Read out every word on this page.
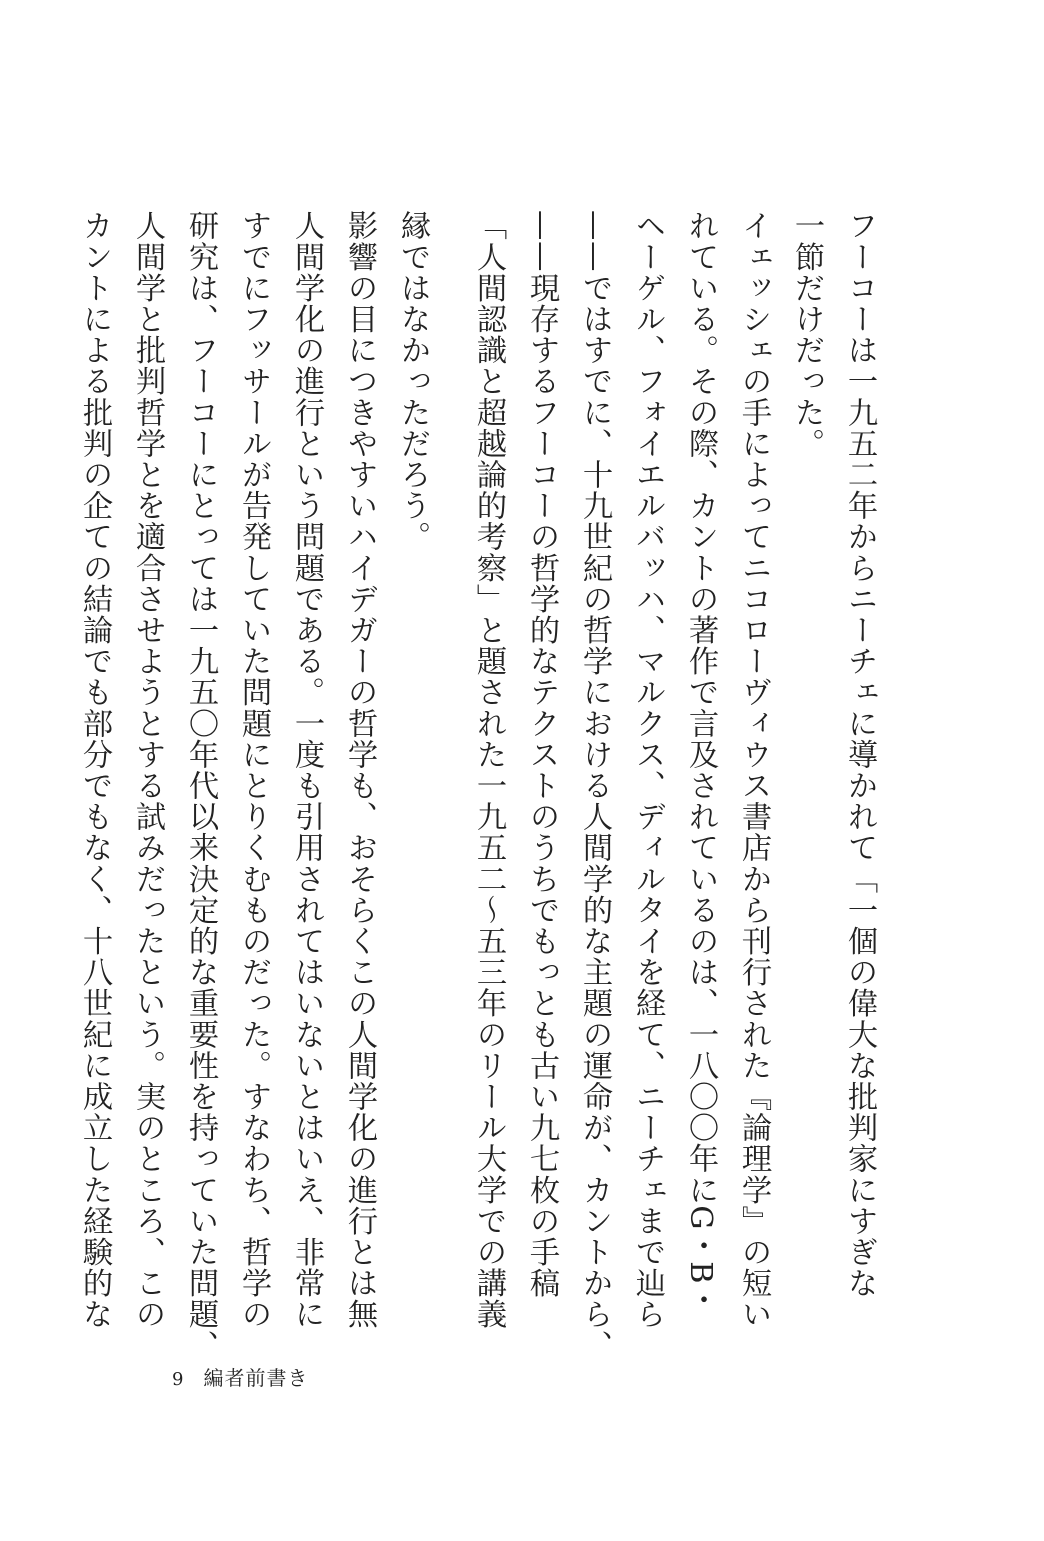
カントによる批判の企ての結論でも部分でもなく、十八世紀に成立した経験的な 人間学と批判哲学とを適合させようとする試みだったという。実のところ、この 研究は、フーコーにとっては一九五〇年代以来決定的な重要性を持っていた問題、 すでにフッサールが告発していた問題にとりくむものだった。すなわち、哲学の 人間学化の進行という問題である。一度も引用されてはいないとはいえ、非常に 影響の目につきやすいハイデガーの哲学も、おそらくこの人間学化の進行とは無 縁ではなかっただろう。 「人間認識と超越論的考察」と題された一九五二〜五三年のリール大学での講義 ——現存するフーコーの哲学的なテクストのうちでもっとも古い九七枚の手稿 ——ではすでに、十九世紀の哲学における人間学的な主題の運命が、カントから、 ヘーゲル、フォイエルバッハ、マルクス、ディルタイを経て、ニーチェまで辿ら れている。その際、カントの著作で言及されているのは、一八〇〇年にG・B・ イェッシェの手によってニコローヴィウス書店から刊行された『論理学』の短い 一節だけだった。 フーコーは一九五二年からニーチェに導かれて「一個の偉大な批判家にすぎな
9 編者前書き
